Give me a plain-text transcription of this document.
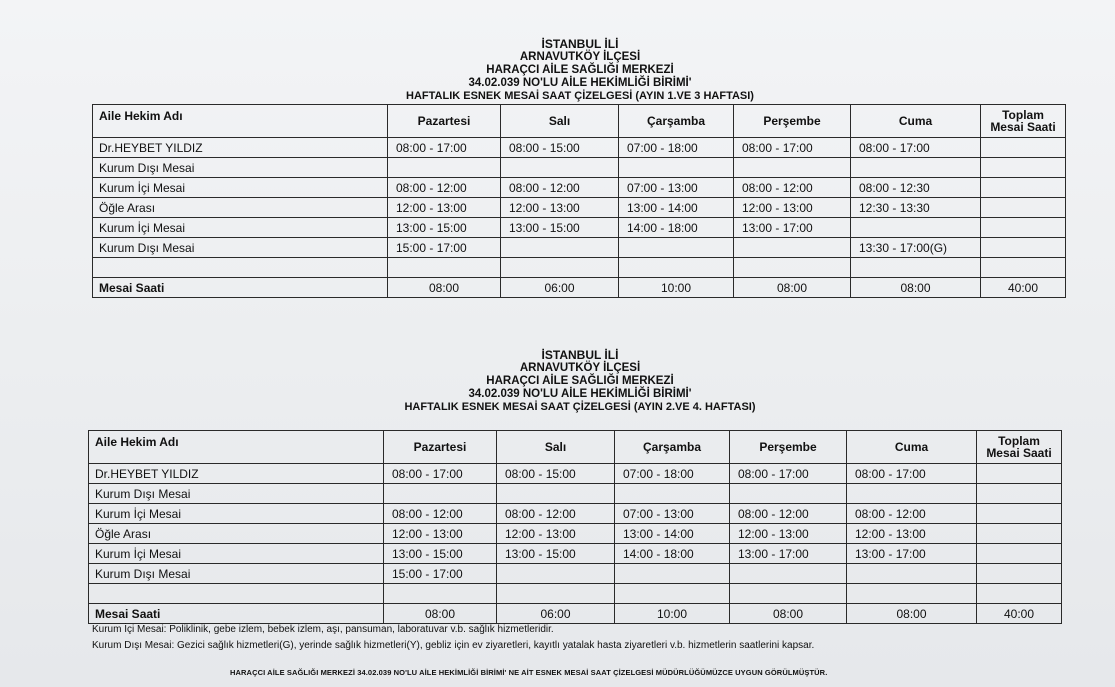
İSTANBUL İLİ
ARNAVUTKÖY İLÇESİ
HARAÇCI AİLE SAĞLIĞI MERKEZİ
34.02.039 NO'LU AİLE HEKİMLİĞİ BİRİMİ'
HAFTALIK ESNEK MESAİ SAAT ÇİZELGESİ (AYIN 1.VE 3 HAFTASI)
Aile Hekim Adı	Pazartesi	Salı	Çarşamba	Perşembe	Cuma	Toplam
Mesai Saati

Dr.HEYBET YILDIZ	08:00 - 17:00	08:00 - 15:00	07:00 - 18:00	08:00 - 17:00	08:00 - 17:00	
Kurum Dışı Mesai						
Kurum İçi Mesai	08:00 - 12:00	08:00 - 12:00	07:00 - 13:00	08:00 - 12:00	08:00 - 12:30	
Öğle Arası	12:00 - 13:00	12:00 - 13:00	13:00 - 14:00	12:00 - 13:00	12:30 - 13:30	
Kurum İçi Mesai	13:00 - 15:00	13:00 - 15:00	14:00 - 18:00	13:00 - 17:00		
Kurum Dışı Mesai	15:00 - 17:00				13:30 - 17:00(G)	

Mesai Saati	08:00	06:00	10:00	08:00	08:00	40:00
İSTANBUL İLİ
ARNAVUTKÖY İLÇESİ
HARAÇCI AİLE SAĞLIĞI MERKEZİ
34.02.039 NO'LU AİLE HEKİMLİĞİ BİRİMİ'
HAFTALIK ESNEK MESAİ SAAT ÇİZELGESİ (AYIN 2.VE 4. HAFTASI)
Aile Hekim Adı	Pazartesi	Salı	Çarşamba	Perşembe	Cuma	Toplam
Mesai Saati

Dr.HEYBET YILDIZ	08:00 - 17:00	08:00 - 15:00	07:00 - 18:00	08:00 - 17:00	08:00 - 17:00	
Kurum Dışı Mesai						
Kurum İçi Mesai	08:00 - 12:00	08:00 - 12:00	07:00 - 13:00	08:00 - 12:00	08:00 - 12:00	
Öğle Arası	12:00 - 13:00	12:00 - 13:00	13:00 - 14:00	12:00 - 13:00	12:00 - 13:00	
Kurum İçi Mesai	13:00 - 15:00	13:00 - 15:00	14:00 - 18:00	13:00 - 17:00	13:00 - 17:00	
Kurum Dışı Mesai	15:00 - 17:00					

Mesai Saati	08:00	06:00	10:00	08:00	08:00	40:00
Kurum İçi Mesai: Poliklinik, gebe izlem, bebek izlem, aşı, pansuman, laboratuvar v.b. sağlık hizmetleridir.
Kurum Dışı Mesai: Gezici sağlık hizmetleri(G), yerinde sağlık hizmetleri(Y), gebliz için ev ziyaretleri, kayıtlı yatalak hasta ziyaretleri v.b. hizmetlerin saatlerini kapsar.
HARAÇCI AİLE SAĞLIĞI MERKEZİ 34.02.039 NO'LU AİLE HEKİMLİĞİ BİRİMİ' NE AİT ESNEK MESAİ SAAT ÇİZELGESİ MÜDÜRLÜĞÜMÜZCE UYGUN GÖRÜLMÜŞTÜR.
